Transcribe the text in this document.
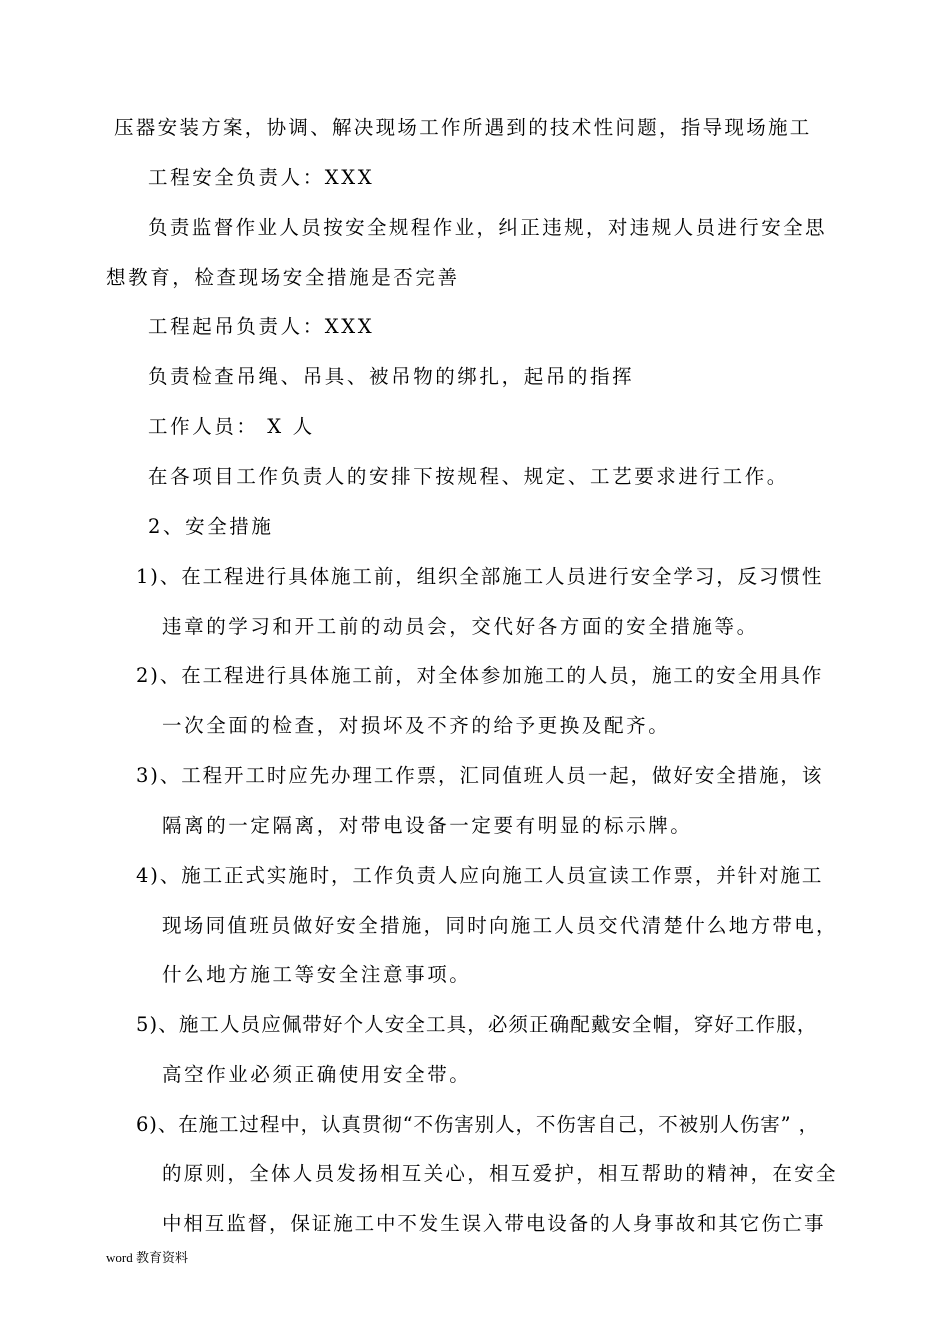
压器安装方案，协调、解决现场工作所遇到的技术性问题，指导现场施工
工程安全负责人：XXX
负责监督作业人员按安全规程作业，纠正违规，对违规人员进行安全思
想教育，检查现场安全措施是否完善
工程起吊负责人：XXX
负责检查吊绳、吊具、被吊物的绑扎，起吊的指挥
工作人员： X 人
在各项目工作负责人的安排下按规程、规定、工艺要求进行工作。
2、安全措施
1)、在工程进行具体施工前，组织全部施工人员进行安全学习，反习惯性
违章的学习和开工前的动员会，交代好各方面的安全措施等。
2)、在工程进行具体施工前，对全体参加施工的人员，施工的安全用具作
一次全面的检查，对损坏及不齐的给予更换及配齐。
3)、工程开工时应先办理工作票，汇同值班人员一起，做好安全措施，该
隔离的一定隔离，对带电设备一定要有明显的标示牌。
4)、施工正式实施时，工作负责人应向施工人员宣读工作票，并针对施工
现场同值班员做好安全措施，同时向施工人员交代清楚什么地方带电，
什么地方施工等安全注意事项。
5)、施工人员应佩带好个人安全工具，必须正确配戴安全帽，穿好工作服，
高空作业必须正确使用安全带。
6)、在施工过程中，认真贯彻“不伤害别人，不伤害自己，不被别人伤害” ，
的原则，全体人员发扬相互关心，相互爱护，相互帮助的精神，在安全
中相互监督，保证施工中不发生误入带电设备的人身事故和其它伤亡事
word 教育资料
